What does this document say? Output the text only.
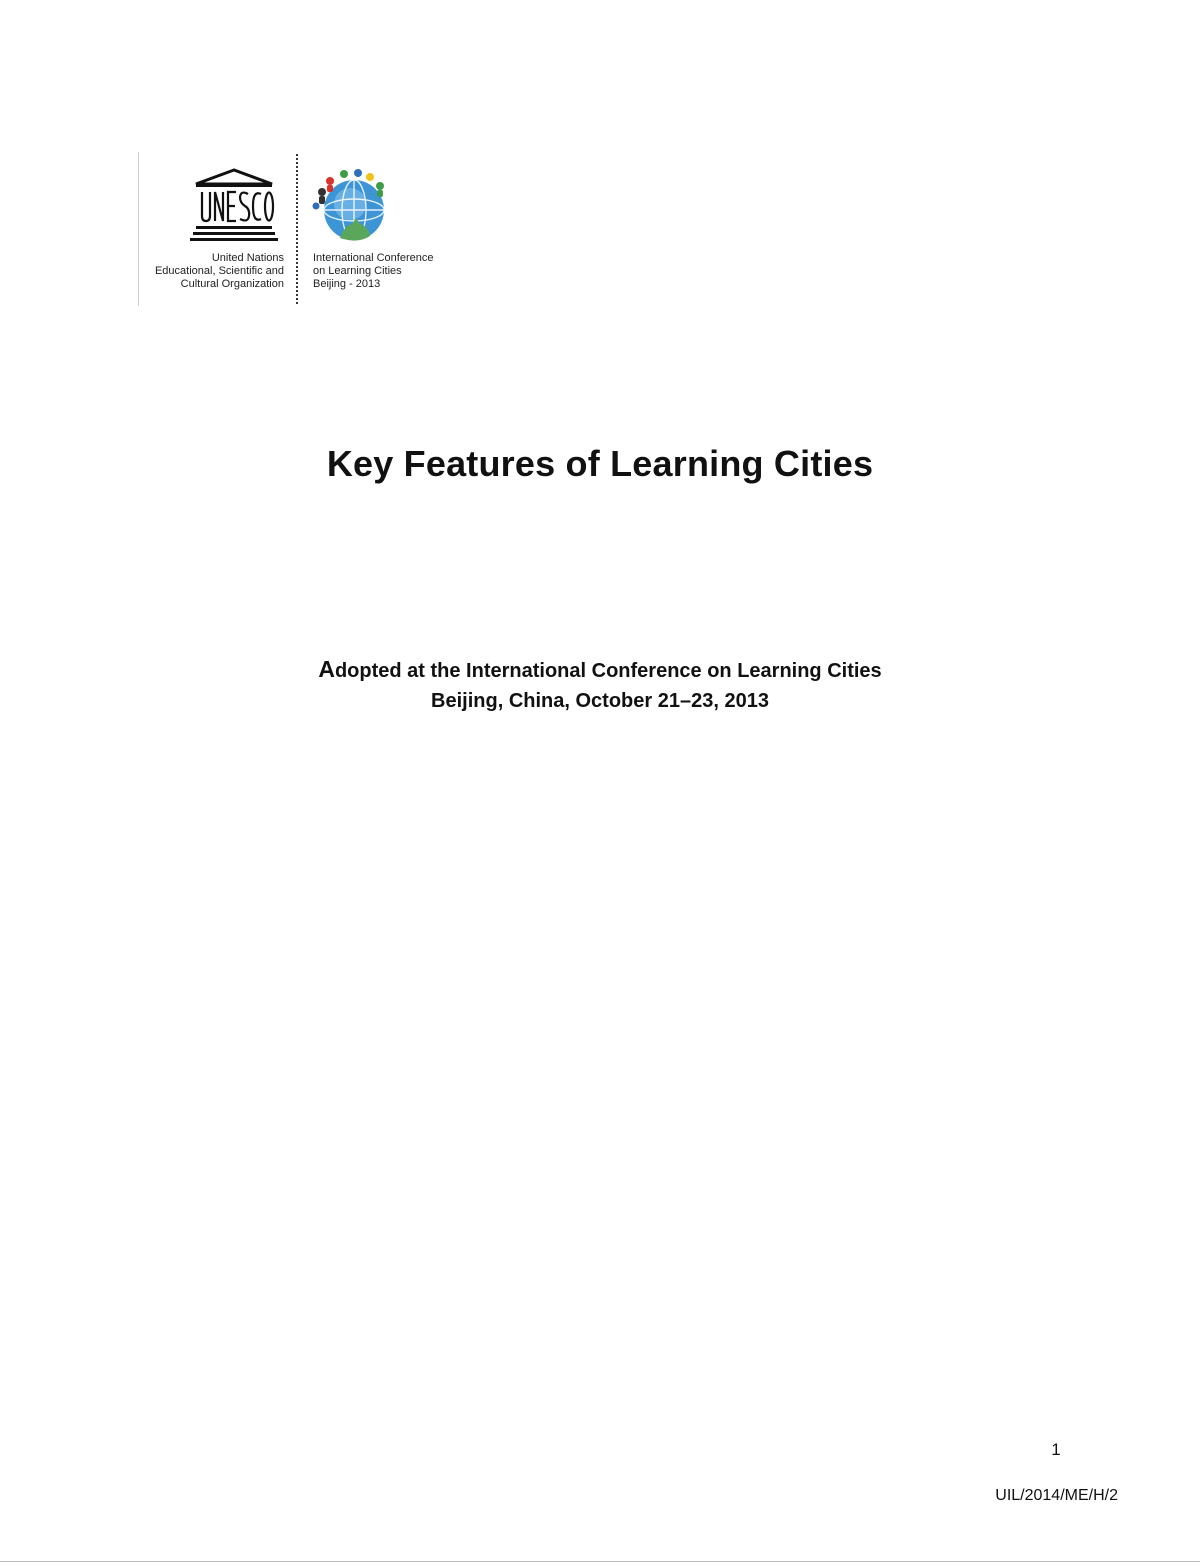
United Nations
Educational, Scientific and
Cultural Organization
International Conference
on Learning Cities
Beijing - 2013
Key Features of Learning Cities
Adopted at the International Conference on Learning Cities
Beijing, China, October 21–23, 2013
1
UIL/2014/ME/H/2
